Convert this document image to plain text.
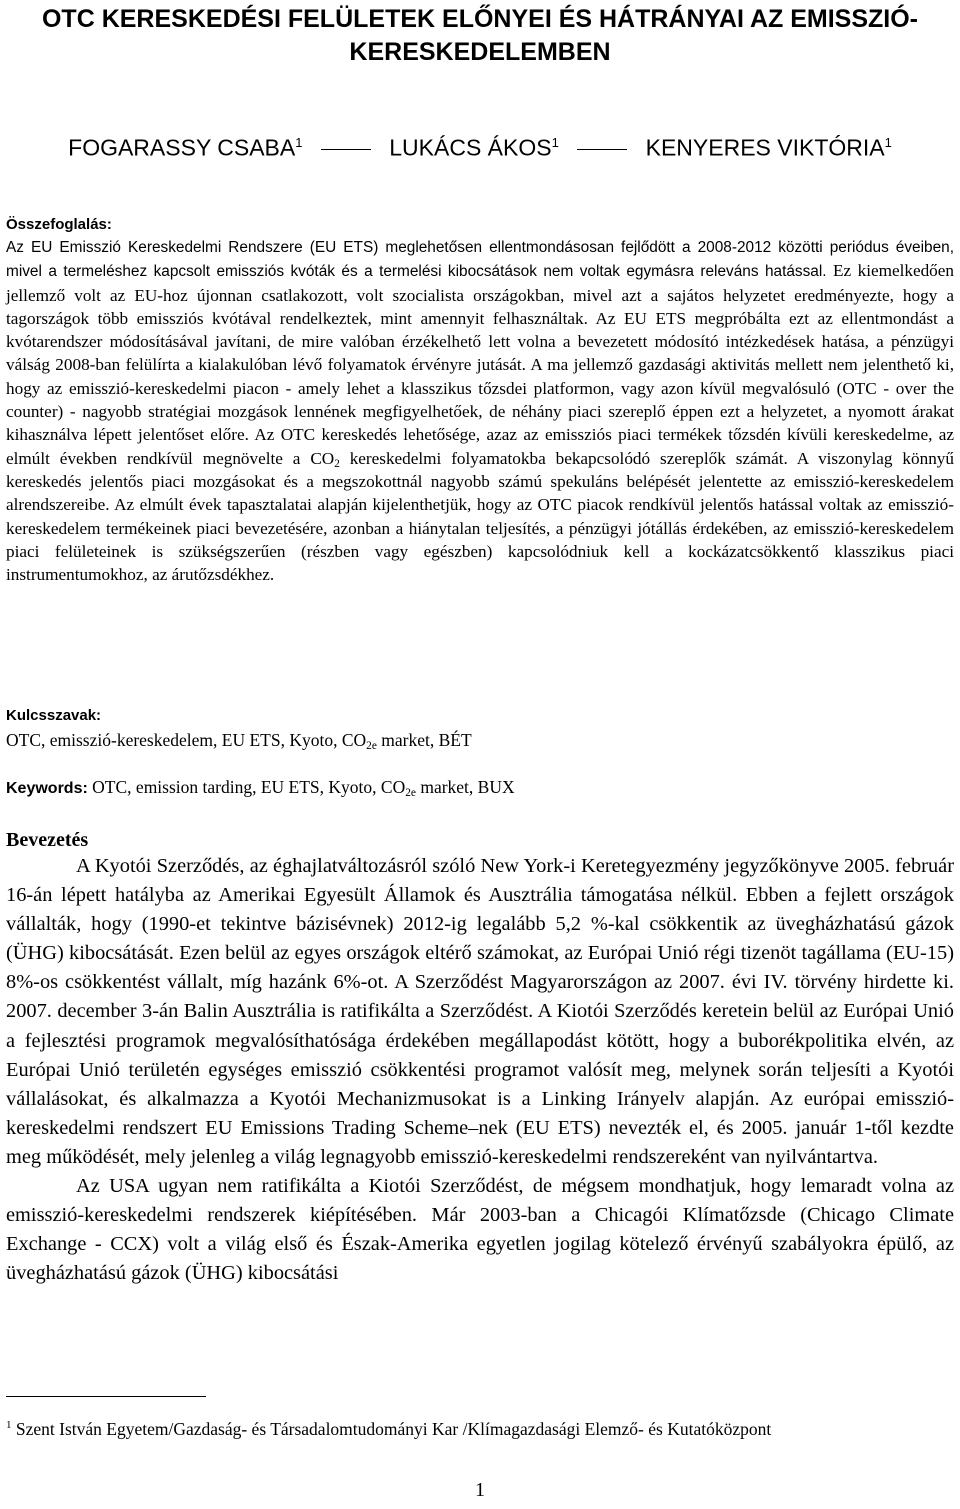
OTC KERESKEDÉSI FELÜLETEK ELŐNYEI ÉS HÁTRÁNYAI AZ EMISSZIÓ-KERESKEDELEMBEN
FOGARASSY CSABA$^1$	LUKÁCS ÁKOS$^1$	KENYERES VIKTÓRIA$^1$
Összefoglalás:

Az EU Emisszió Kereskedelmi Rendszere (EU ETS) meglehetősen ellentmondásosan fejlődött a 2008-2012 közötti periódus éveiben, mivel a termeléshez kapcsolt emissziós kvóták és a termelési kibocsátások nem voltak egymásra releváns hatással. Ez kiemelkedően jellemző volt az EU-hoz újonnan csatlakozott, volt szocialista országokban, mivel azt a sajátos helyzetet eredményezte, hogy a tagországok több emissziós kvótával rendelkeztek, mint amennyit felhasználtak. Az EU ETS megpróbálta ezt az ellentmondást a kvótarendszer módosításával javítani, de mire valóban érzékelhető lett volna a bevezetett módosító intézkedések hatása, a pénzügyi válság 2008-ban felülírta a kialakulóban lévő folyamatok érvényre jutását. A ma jellemző gazdasági aktivitás mellett nem jelenthető ki, hogy az emisszió-kereskedelmi piacon - amely lehet a klasszikus tőzsdei platformon, vagy azon kívül megvalósuló (OTC - over the counter) - nagyobb stratégiai mozgások lennének megfigyelhetőek, de néhány piaci szereplő éppen ezt a helyzetet, a nyomott árakat kihasználva lépett jelentőset előre. Az OTC kereskedés lehetősége, azaz az emissziós piaci termékek tőzsdén kívüli kereskedelme, az elmúlt években rendkívül megnövelte a $CO_2$ kereskedelmi folyamatokba bekapcsolódó szereplők számát. A viszonylag könnyű kereskedés jelentős piaci mozgásokat és a megszokottnál nagyobb számú spekuláns belépését jelentette az emisszió-kereskedelem alrendszereibe. Az elmúlt évek tapasztalatai alapján kijelenthetjük, hogy az OTC piacok rendkívül jelentős hatással voltak az emisszió-kereskedelem termékeinek piaci bevezetésére, azonban a hiánytalan teljesítés, a pénzügyi jótállás érdekében, az emisszió-kereskedelem piaci felületeinek is szükségszerűen (részben vagy egészben) kapcsolódniuk kell a kockázatcsökkentő klasszikus piaci instrumentumokhoz, az árutőzsdékhez.

Kulcsszavak:
OTC, emisszió-kereskedelem, EU ETS, Kyoto, $CO_{2e}$ market, BÉT
Keywords: OTC, emission tarding, EU ETS, Kyoto, $CO_{2e}$ market, BUX
Bevezetés

A Kyotói Szerződés, az éghajlatváltozásról szóló New York-i Keretegyezmény jegyzőkönyve 2005. február 16-án lépett hatályba az Amerikai Egyesült Államok és Ausztrália támogatása nélkül. Ebben a fejlett országok vállalták, hogy (1990-et tekintve bázisévnek) 2012-ig legalább 5,2 %-kal csökkentik az üvegházhatású gázok (ÜHG) kibocsátását. Ezen belül az egyes országok eltérő számokat, az Európai Unió régi tizenöt tagállama (EU-15) 8%-os csökkentést vállalt, míg hazánk 6%-ot. A Szerződést Magyarországon az 2007. évi IV. törvény hirdette ki. 2007. december 3-án Balin Ausztrália is ratifikálta a Szerződést. A Kiotói Szerződés keretein belül az Európai Unió a fejlesztési programok megvalósíthatósága érdekében megállapodást kötött, hogy a buborékpolitika elvén, az Európai Unió területén egységes emisszió csökkentési programot valósít meg, melynek során teljesíti a Kyotói vállalásokat, és alkalmazza a Kyotói Mechanizmusokat is a Linking Irányelv alapján. Az európai emisszió-kereskedelmi rendszert EU Emissions Trading Scheme–nek (EU ETS) nevezték el, és 2005. január 1-től kezdte meg működését, mely jelenleg a világ legnagyobb emisszió-kereskedelmi rendszereként van nyilvántartva.

Az USA ugyan nem ratifikálta a Kiotói Szerződést, de mégsem mondhatjuk, hogy lemaradt volna az emisszió-kereskedelmi rendszerek kiépítésében. Már 2003-ban a Chicagói Klímatőzsde (Chicago Climate Exchange - CCX) volt a világ első és Észak-Amerika egyetlen jogilag kötelező érvényű szabályokra épülő, az üvegházhatású gázok (ÜHG) kibocsátási

$^1$ Szent István Egyetem/Gazdaság- és Társadalomtudományi Kar /Klímagazdasági Elemző- és Kutatóközpont
1
